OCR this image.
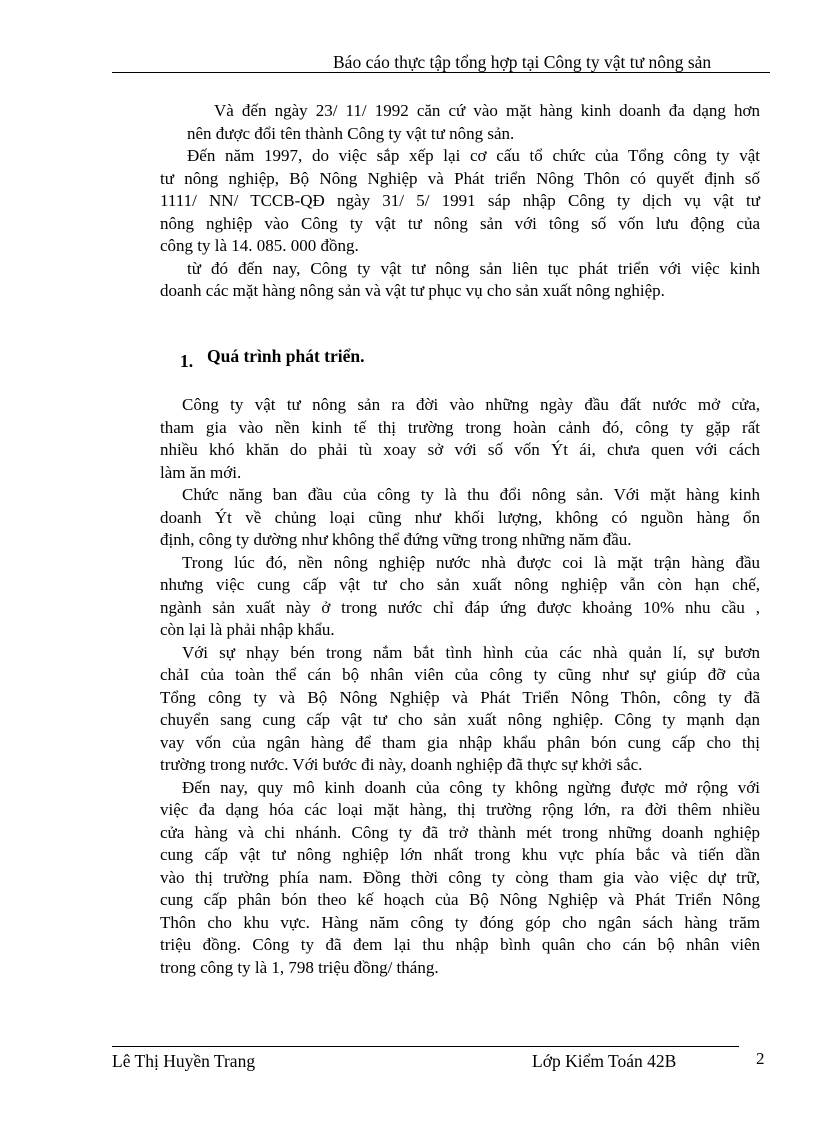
Báo cáo thực tập tổng hợp tại Công ty vật tư nông sản

Và đến ngày 23/ 11/ 1992 căn cứ vào mặt hàng kinh doanh đa dạng hơn
nên được đổi tên thành Công ty vật tư nông sản.

Đến năm 1997, do việc sắp xếp lại cơ cấu tổ chức của Tổng công ty vật
tư nông nghiệp, Bộ Nông Nghiệp và Phát triển Nông Thôn có quyết định số
1111/ NN/ TCCB-QĐ ngày 31/ 5/ 1991 sáp nhập Công ty dịch vụ vật tư
nông nghiệp vào Công ty vật tư nông sản với tông số vốn lưu động của
công ty là 14. 085. 000 đồng.

từ đó đến nay, Công ty vật tư nông sản liên tục phát triển với việc kinh
doanh các mặt hàng nông sản và vật tư phục vụ cho sản xuất nông nghiệp.

1. Quá trình phát triển.

Công ty vật tư nông sản ra đời vào những ngày đầu đất nước mở cửa,
tham gia vào nền kinh tế thị trường trong hoàn cảnh đó, công ty gặp rất
nhiều khó khăn do phải tù xoay sở với số vốn Ýt ái, chưa quen với cách
làm ăn mới.

Chức năng ban đầu của công ty là thu đổi nông sản. Với mặt hàng kinh
doanh Ýt về chủng loại cũng như khối lượng, không có nguồn hàng ổn
định, công ty dường như không thể đứng vững trong những năm đầu.

Trong lúc đó, nền nông nghiệp nước nhà được coi là mặt trận hàng đầu
nhưng việc cung cấp vật tư cho sản xuất nông nghiệp vẫn còn hạn chế,
ngành sản xuất này ở trong nước chỉ đáp ứng được khoảng 10% nhu cầu ,
còn lại là phải nhập khẩu.

Với sự nhạy bén trong nắm bắt tình hình của các nhà quản lí, sự bươn
chảI của toàn thể cán bộ nhân viên của công ty cũng như sự giúp đỡ của
Tổng công ty và Bộ Nông Nghiệp và Phát Triển Nông Thôn, công ty đã
chuyển sang cung cấp vật tư cho sản xuất nông nghiệp. Công ty mạnh dạn
vay vốn của ngân hàng để tham gia nhập khẩu phân bón cung cấp cho thị
trường trong nước. Với bước đi này, doanh nghiệp đã thực sự khởi sắc.

Đến nay, quy mô kinh doanh của công ty không ngừng được mở rộng với
việc đa dạng hóa các loại mặt hàng, thị trường rộng lớn, ra đời thêm nhiều
cửa hàng và chi nhánh. Công ty đã trở thành mét trong những doanh nghiệp
cung cấp vật tư nông nghiệp lớn nhất trong khu vực phía bắc và tiến dần
vào thị trường phía nam. Đồng thời công ty còng tham gia vào việc dự trữ,
cung cấp phân bón theo kế hoạch của Bộ Nông Nghiệp và Phát Triển Nông
Thôn cho khu vực. Hàng năm công ty đóng góp cho ngân sách hàng trăm
triệu đồng. Công ty đã đem lại thu nhập bình quân cho cán bộ nhân viên
trong công ty là 1, 798 triệu đồng/ tháng.

Lê Thị Huyền Trang	Lớp Kiểm Toán 42B	2
